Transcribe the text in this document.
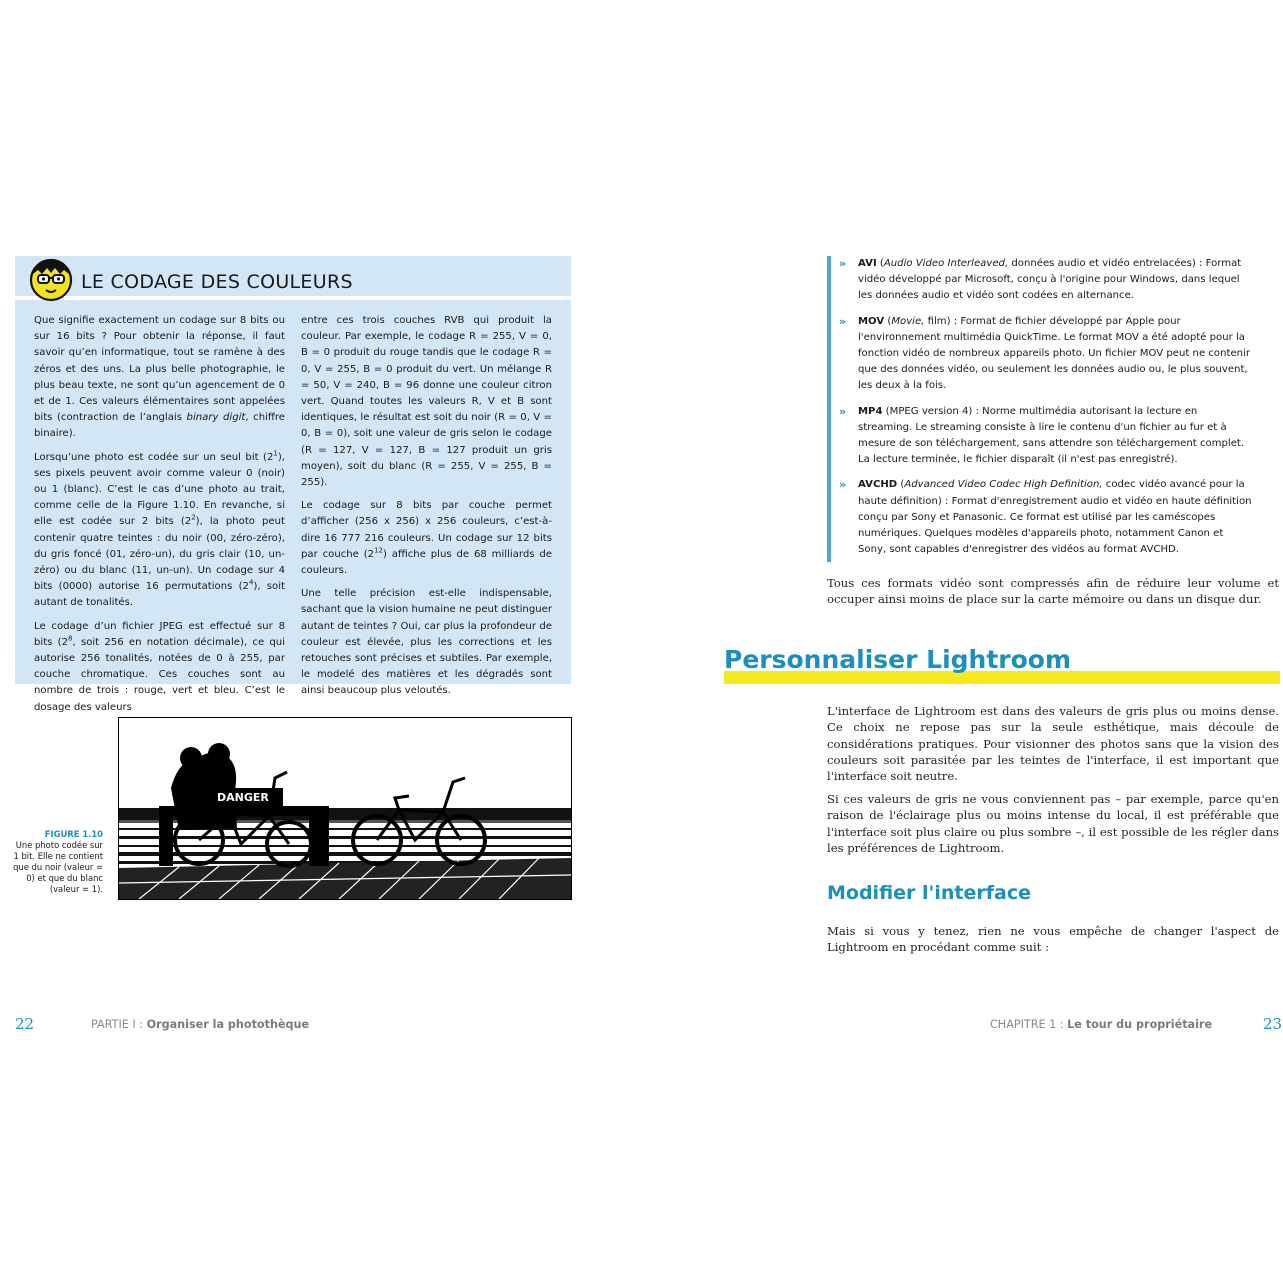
LE CODAGE DES COULEURS

Que signifie exactement un codage sur 8 bits ou sur 16 bits ? Pour obtenir la réponse, il faut savoir qu’en informatique, tout se ramène à des zéros et des uns. La plus belle photographie, le plus beau texte, ne sont qu’un agencement de 0 et de 1. Ces valeurs élémentaires sont appelées bits (contraction de l’anglais binary digit, chiffre binaire).

Lorsqu’une photo est codée sur un seul bit $(2^1)$, ses pixels peuvent avoir comme valeur 0 (noir) ou 1 (blanc). C’est le cas d’une photo au trait, comme celle de la Figure 1.10. En revanche, si elle est codée sur 2 bits $(2^2)$, la photo peut contenir quatre teintes : du noir (00, zéro-zéro), du gris foncé (01, zéro-un), du gris clair (10, un-zéro) ou du blanc (11, un-un). Un codage sur 4 bits (0000) autorise 16 permutations $(2^4)$, soit autant de tonalités.

Le codage d’un fichier JPEG est effectué sur 8 bits ($2^8$, soit 256 en notation décimale), ce qui autorise 256 tonalités, notées de 0 à 255, par couche chromatique. Ces couches sont au nombre de trois : rouge, vert et bleu. C’est le dosage des valeurs

entre ces trois couches RVB qui produit la couleur. Par exemple, le codage R = 255, V = 0, B = 0 produit du rouge tandis que le codage R = 0, V = 255, B = 0 produit du vert. Un mélange R = 50, V = 240, B = 96 donne une couleur citron vert. Quand toutes les valeurs R, V et B sont identiques, le résultat est soit du noir (R = 0, V = 0, B = 0), soit une valeur de gris selon le codage (R = 127, V = 127, B = 127 produit un gris moyen), soit du blanc (R = 255, V = 255, B = 255).

Le codage sur 8 bits par couche permet d’afficher (256 x 256) x 256 couleurs, c’est-à-dire 16 777 216 couleurs. Un codage sur 12 bits par couche $(2^{12})$ affiche plus de 68 milliards de couleurs.

Une telle précision est-elle indispensable, sachant que la vision humaine ne peut distinguer autant de teintes ? Oui, car plus la profondeur de couleur est élevée, plus les corrections et les retouches sont précises et subtiles. Par exemple, le modelé des matières et les dégradés sont ainsi beaucoup plus veloutés.

FIGURE 1.10
Une photo codée sur 1 bit. Elle ne contient que du noir (valeur = 0) et que du blanc (valeur = 1).
DANGER
22	PARTIE I : Organiser la photothèque
» AVI (Audio Video Interleaved, données audio et vidéo entrelacées) : Format vidéo développé par Microsoft, conçu à l'origine pour Windows, dans lequel les données audio et vidéo sont codées en alternance.
» MOV (Movie, film) : Format de fichier développé par Apple pour l'environnement multimédia QuickTime. Le format MOV a été adopté pour la fonction vidéo de nombreux appareils photo. Un fichier MOV peut ne contenir que des données vidéo, ou seulement les données audio ou, le plus souvent, les deux à la fois.
» MP4 (MPEG version 4) : Norme multimédia autorisant la lecture en streaming. Le streaming consiste à lire le contenu d'un fichier au fur et à mesure de son téléchargement, sans attendre son téléchargement complet. La lecture terminée, le fichier disparaît (il n'est pas enregistré).
» AVCHD (Advanced Video Codec High Definition, codec vidéo avancé pour la haute définition) : Format d'enregistrement audio et vidéo en haute définition conçu par Sony et Panasonic. Ce format est utilisé par les caméscopes numériques. Quelques modèles d'appareils photo, notamment Canon et Sony, sont capables d'enregistrer des vidéos au format AVCHD.
Tous ces formats vidéo sont compressés afin de réduire leur volume et occuper ainsi moins de place sur la carte mémoire ou dans un disque dur.
Personnaliser Lightroom
L'interface de Lightroom est dans des valeurs de gris plus ou moins dense. Ce choix ne repose pas sur la seule esthétique, mais découle de considérations pratiques. Pour visionner des photos sans que la vision des couleurs soit parasitée par les teintes de l'interface, il est important que l'interface soit neutre.
Si ces valeurs de gris ne vous conviennent pas – par exemple, parce qu'en raison de l'éclairage plus ou moins intense du local, il est préférable que l'interface soit plus claire ou plus sombre –, il est possible de les régler dans les préférences de Lightroom.
Modifier l'interface
Mais si vous y tenez, rien ne vous empêche de changer l'aspect de Lightroom en procédant comme suit :
CHAPITRE 1 : Le tour du propriétaire	23
